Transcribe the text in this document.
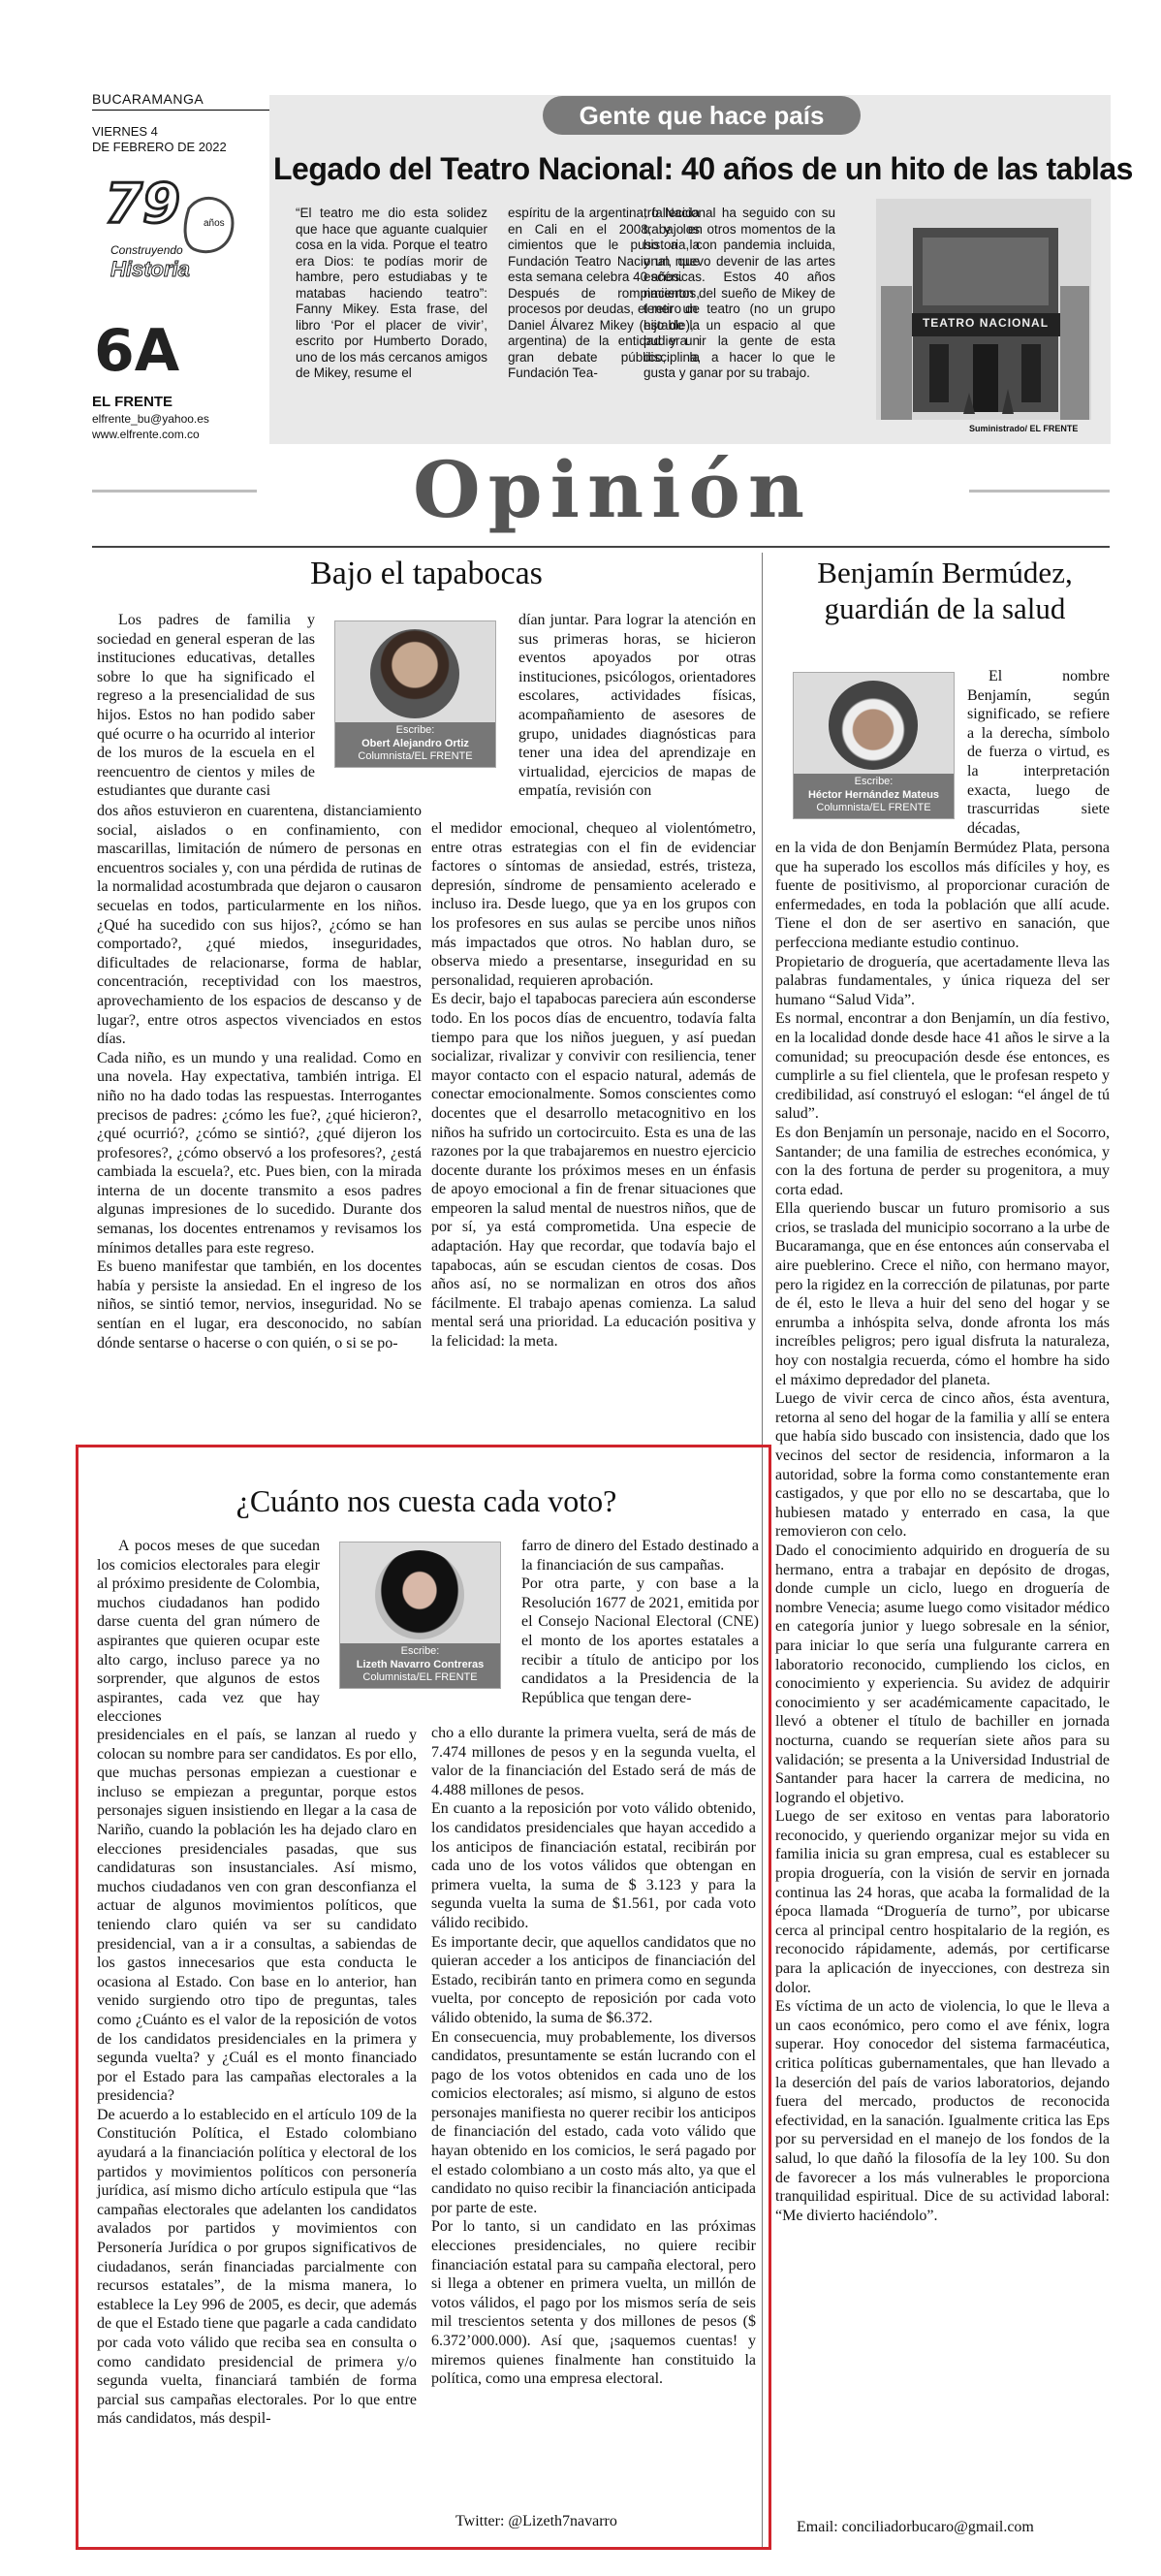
BUCARAMANGA
VIERNES 4
DE FEBRERO DE 2022
79 años
Construyendo
Historia
6A
EL FRENTE
elfrente_bu@yahoo.es
www.elfrente.com.co
Gente que hace país
Legado del Teatro Nacional: 40 años de un hito de las tablas
“El teatro me dio esta solidez que hace que aguante cualquier cosa en la vida. Porque el teatro era Dios: te podías morir de hambre, pero estudiabas y te matabas haciendo teatro”: Fanny Mikey. Esta frase, del libro ‘Por el placer de vivir’, escrito por Humberto Dorado, uno de los más cercanos amigos de Mikey, resume el
espíritu de la argentina, fallecida en Cali en el 2008, y los cimientos que le puso a la Fundación Teatro Nacional, que esta semana celebra 40 años.
Después de rompimientos, procesos por deudas, el retiro de Daniel Álvarez Mikey (hijo de la argentina) de la entidad y un gran debate público, la Fundación Tea-
tro Nacional ha seguido con su trabajo en otros momentos de la historia, con pandemia incluida, y un nuevo devenir de las artes escénicas. Estos 40 años nacieron del sueño de Mikey de tener un teatro (no un grupo estable), un espacio al que pudiera ir la gente de esta disciplina, a hacer lo que le gusta y ganar por su trabajo.
TEATRO NACIONAL
Suministrado/ EL FRENTE
Opinión
Bajo el tapabocas
Los padres de familia y sociedad en general esperan de las instituciones educativas, detalles sobre lo que ha significado el regreso a la presencialidad de sus hijos. Estos no han podido saber qué ocurre o ha ocurrido al interior de los muros de la escuela en el reencuentro de cientos y miles de estudiantes que durante casi
dos años estuvieron en cuarentena, distanciamiento social, aislados o en confinamiento, con mascarillas, limitación de número de personas en encuentros sociales y, con una pérdida de rutinas de la normalidad acostumbrada que dejaron o causaron secuelas en todos, particularmente en los niños. ¿Qué ha sucedido con sus hijos?, ¿cómo se han comportado?, ¿qué miedos, inseguridades, dificultades de relacionarse, forma de hablar, concentración, receptividad con los maestros, aprovechamiento de los espacios de descanso y de lugar?, entre otros aspectos vivenciados en estos días.
Cada niño, es un mundo y una realidad. Como en una novela. Hay expectativa, también intriga. El niño no ha dado todas las respuestas. Interrogantes precisos de padres: ¿cómo les fue?, ¿qué hicieron?, ¿qué ocurrió?, ¿cómo se sintió?, ¿qué dijeron los profesores?, ¿cómo observó a los profesores?, ¿está cambiada la escuela?, etc. Pues bien, con la mirada interna de un docente transmito a esos padres algunas impresiones de lo sucedido. Durante dos semanas, los docentes entrenamos y revisamos los mínimos detalles para este regreso.
Es bueno manifestar que también, en los docentes había y persiste la ansiedad. En el ingreso de los niños, se sintió temor, nervios, inseguridad. No se sentían en el lugar, era desconocido, no sabían dónde sentarse o hacerse o con quién, o si se po-
Escribe:
Obert Alejandro Ortiz
Columnista/EL FRENTE
dían juntar. Para lograr la atención en sus primeras horas, se hicieron eventos apoyados por otras instituciones, psicólogos, orientadores escolares, actividades físicas, acompañamiento de asesores de grupo, unidades diagnósticas para tener una idea del aprendizaje en virtualidad, ejercicios de mapas de empatía, revisión con
el medidor emocional, chequeo al violentómetro, entre otras estrategias con el fin de evidenciar factores o síntomas de ansiedad, estrés, tristeza, depresión, síndrome de pensamiento acelerado e incluso ira. Desde luego, que ya en los grupos con los profesores en sus aulas se percibe unos niños más impactados que otros. No hablan duro, se observa miedo a presentarse, inseguridad en su personalidad, requieren aprobación.
Es decir, bajo el tapabocas pareciera aún esconderse todo. En los pocos días de encuentro, todavía falta tiempo para que los niños jueguen, y así puedan socializar, rivalizar y convivir con resiliencia, tener mayor contacto con el espacio natural, además de conectar emocionalmente. Somos conscientes como docentes que el desarrollo metacognitivo en los niños ha sufrido un cortocircuito. Esta es una de las razones por la que trabajaremos en nuestro ejercicio docente durante los próximos meses en un énfasis de apoyo emocional a fin de frenar situaciones que empeoren la salud mental de nuestros niños, que de por sí, ya está comprometida. Una especie de adaptación. Hay que recordar, que todavía bajo el tapabocas, aún se escudan cientos de cosas. Dos años así, no se normalizan en otros dos años fácilmente. El trabajo apenas comienza. La salud mental será una prioridad. La educación positiva y la felicidad: la meta.
¿Cuánto nos cuesta cada voto?
A pocos meses de que sucedan los comicios electorales para elegir al próximo presidente de Colombia, muchos ciudadanos han podido darse cuenta del gran número de aspirantes que quieren ocupar este alto cargo, incluso parece ya no sorprender, que algunos de estos aspirantes, cada vez que hay elecciones
presidenciales en el país, se lanzan al ruedo y colocan su nombre para ser candidatos. Es por ello, que muchas personas empiezan a cuestionar e incluso se empiezan a preguntar, porque estos personajes siguen insistiendo en llegar a la casa de Nariño, cuando la población les ha dejado claro en elecciones presidenciales pasadas, que sus candidaturas son insustanciales. Así mismo, muchos ciudadanos ven con gran desconfianza el actuar de algunos movimientos políticos, que teniendo claro quién va ser su candidato presidencial, van a ir a consultas, a sabiendas de los gastos innecesarios que esta conducta le ocasiona al Estado. Con base en lo anterior, han venido surgiendo otro tipo de preguntas, tales como ¿Cuánto es el valor de la reposición de votos de los candidatos presidenciales en la primera y segunda vuelta? y ¿Cuál es el monto financiado por el Estado para las campañas electorales a la presidencia?
De acuerdo a lo establecido en el artículo 109 de la Constitución Política, el Estado colombiano ayudará a la financiación política y electoral de los partidos y movimientos políticos con personería jurídica, así mismo dicho artículo estipula que “las campañas electorales que adelanten los candidatos avalados por partidos y movimientos con Personería Jurídica o por grupos significativos de ciudadanos, serán financiadas parcialmente con recursos estatales”, de la misma manera, lo establece la Ley 996 de 2005, es decir, que además de que el Estado tiene que pagarle a cada candidato por cada voto válido que reciba sea en consulta o como candidato presidencial de primera y/o segunda vuelta, financiará también de forma parcial sus campañas electorales. Por lo que entre más candidatos, más despil-
Escribe:
Lizeth Navarro Contreras
Columnista/EL FRENTE
farro de dinero del Estado destinado a la financiación de sus campañas.
Por otra parte, y con base a la Resolución 1677 de 2021, emitida por el Consejo Nacional Electoral (CNE) el monto de los aportes estatales a recibir a título de anticipo por los candidatos a la Presidencia de la República que tengan dere-
cho a ello durante la primera vuelta, será de más de 7.474 millones de pesos y en la segunda vuelta, el valor de la financiación del Estado será de más de 4.488 millones de pesos.
En cuanto a la reposición por voto válido obtenido, los candidatos presidenciales que hayan accedido a los anticipos de financiación estatal, recibirán por cada uno de los votos válidos que obtengan en primera vuelta, la suma de $ 3.123 y para la segunda vuelta la suma de $1.561, por cada voto válido recibido.
Es importante decir, que aquellos candidatos que no quieran acceder a los anticipos de financiación del Estado, recibirán tanto en primera como en segunda vuelta, por concepto de reposición por cada voto válido obtenido, la suma de $6.372.
En consecuencia, muy probablemente, los diversos candidatos, presuntamente se están lucrando con el pago de los votos obtenidos en cada uno de los comicios electorales; así mismo, si alguno de estos personajes manifiesta no querer recibir los anticipos de financiación del estado, cada voto válido que hayan obtenido en los comicios, le será pagado por el estado colombiano a un costo más alto, ya que el candidato no quiso recibir la financiación anticipada por parte de este.
Por lo tanto, si un candidato en las próximas elecciones presidenciales, no quiere recibir financiación estatal para su campaña electoral, pero si llega a obtener en primera vuelta, un millón de votos válidos, el pago por los mismos sería de seis mil trescientos setenta y dos millones de pesos ($ 6.372’000.000). Así que, ¡saquemos cuentas! y miremos quienes finalmente han constituido la política, como una empresa electoral.
Twitter: @Lizeth7navarro
Benjamín Bermúdez,
guardián de la salud
Escribe:
Héctor Hernández Mateus
Columnista/EL FRENTE
El nombre Benjamín, según significado, se refiere a la derecha, símbolo de fuerza o virtud, es la interpretación exacta, luego de trascurridas siete décadas,
en la vida de don Benjamín Bermúdez Plata, persona que ha superado los escollos más difíciles y hoy, es fuente de positivismo, al proporcionar curación de enfermedades, en toda la población que allí acude. Tiene el don de ser asertivo en sanación, que perfecciona mediante estudio continuo.
Propietario de droguería, que acertadamente lleva las palabras fundamentales, y única riqueza del ser humano “Salud Vida”.
Es normal, encontrar a don Benjamín, un día festivo, en la localidad donde desde hace 41 años le sirve a la comunidad; su preocupación desde ése entonces, es cumplirle a su fiel clientela, que le profesan respeto y credibilidad, así construyó el eslogan: “el ángel de tú salud”.
Es don Benjamín un personaje, nacido en el Socorro, Santander; de una familia de estreches económica, y con la des fortuna de perder su progenitora, a muy corta edad.
Ella queriendo buscar un futuro promisorio a sus crios, se traslada del municipio socorrano a la urbe de Bucaramanga, que en ése entonces aún conservaba el aire pueblerino. Crece el niño, con hermano mayor, pero la rigidez en la corrección de pilatunas, por parte de él, esto le lleva a huir del seno del hogar y se enrumba a inhóspita selva, donde afronta los más increíbles peligros; pero igual disfruta la naturaleza, hoy con nostalgia recuerda, cómo el hombre ha sido el máximo depredador del planeta.
Luego de vivir cerca de cinco años, ésta aventura, retorna al seno del hogar de la familia y allí se entera que había sido buscado con insistencia, dado que los vecinos del sector de residencia, informaron a la autoridad, sobre la forma como constantemente eran castigados, y que por ello no se descartaba, que lo hubiesen matado y enterrado en casa, la que removieron con celo.
Dado el conocimiento adquirido en droguería de su hermano, entra a trabajar en depósito de drogas, donde cumple un ciclo, luego en droguería de nombre Venecia; asume luego como visitador médico en categoría junior y luego sobresale en la sénior, para iniciar lo que sería una fulgurante carrera en laboratorio reconocido, cumpliendo los ciclos, en conocimiento y experiencia. Su avidez de adquirir conocimiento y ser académicamente capacitado, le llevó a obtener el título de bachiller en jornada nocturna, cuando se requerían siete años para su validación; se presenta a la Universidad Industrial de Santander para hacer la carrera de medicina, no logrando el objetivo.
Luego de ser exitoso en ventas para laboratorio reconocido, y queriendo organizar mejor su vida en familia inicia su gran empresa, cual es establecer su propia droguería, con la visión de servir en jornada continua las 24 horas, que acaba la formalidad de la época llamada “Droguería de turno”, por ubicarse cerca al principal centro hospitalario de la región, es reconocido rápidamente, además, por certificarse para la aplicación de inyecciones, con destreza sin dolor.
Es víctima de un acto de violencia, lo que le lleva a un caos económico, pero como el ave fénix, logra superar. Hoy conocedor del sistema farmacéutica, critica políticas gubernamentales, que han llevado a la deserción del país de varios laboratorios, dejando fuera del mercado, productos de reconocida efectividad, en la sanación. Igualmente critica las Eps por su perversidad en el manejo de los fondos de la salud, lo que dañó la filosofía de la ley 100. Su don de favorecer a los más vulnerables le proporciona tranquilidad espiritual. Dice de su actividad laboral: “Me divierto haciéndolo”.
Email: conciliadorbucaro@gmail.com
